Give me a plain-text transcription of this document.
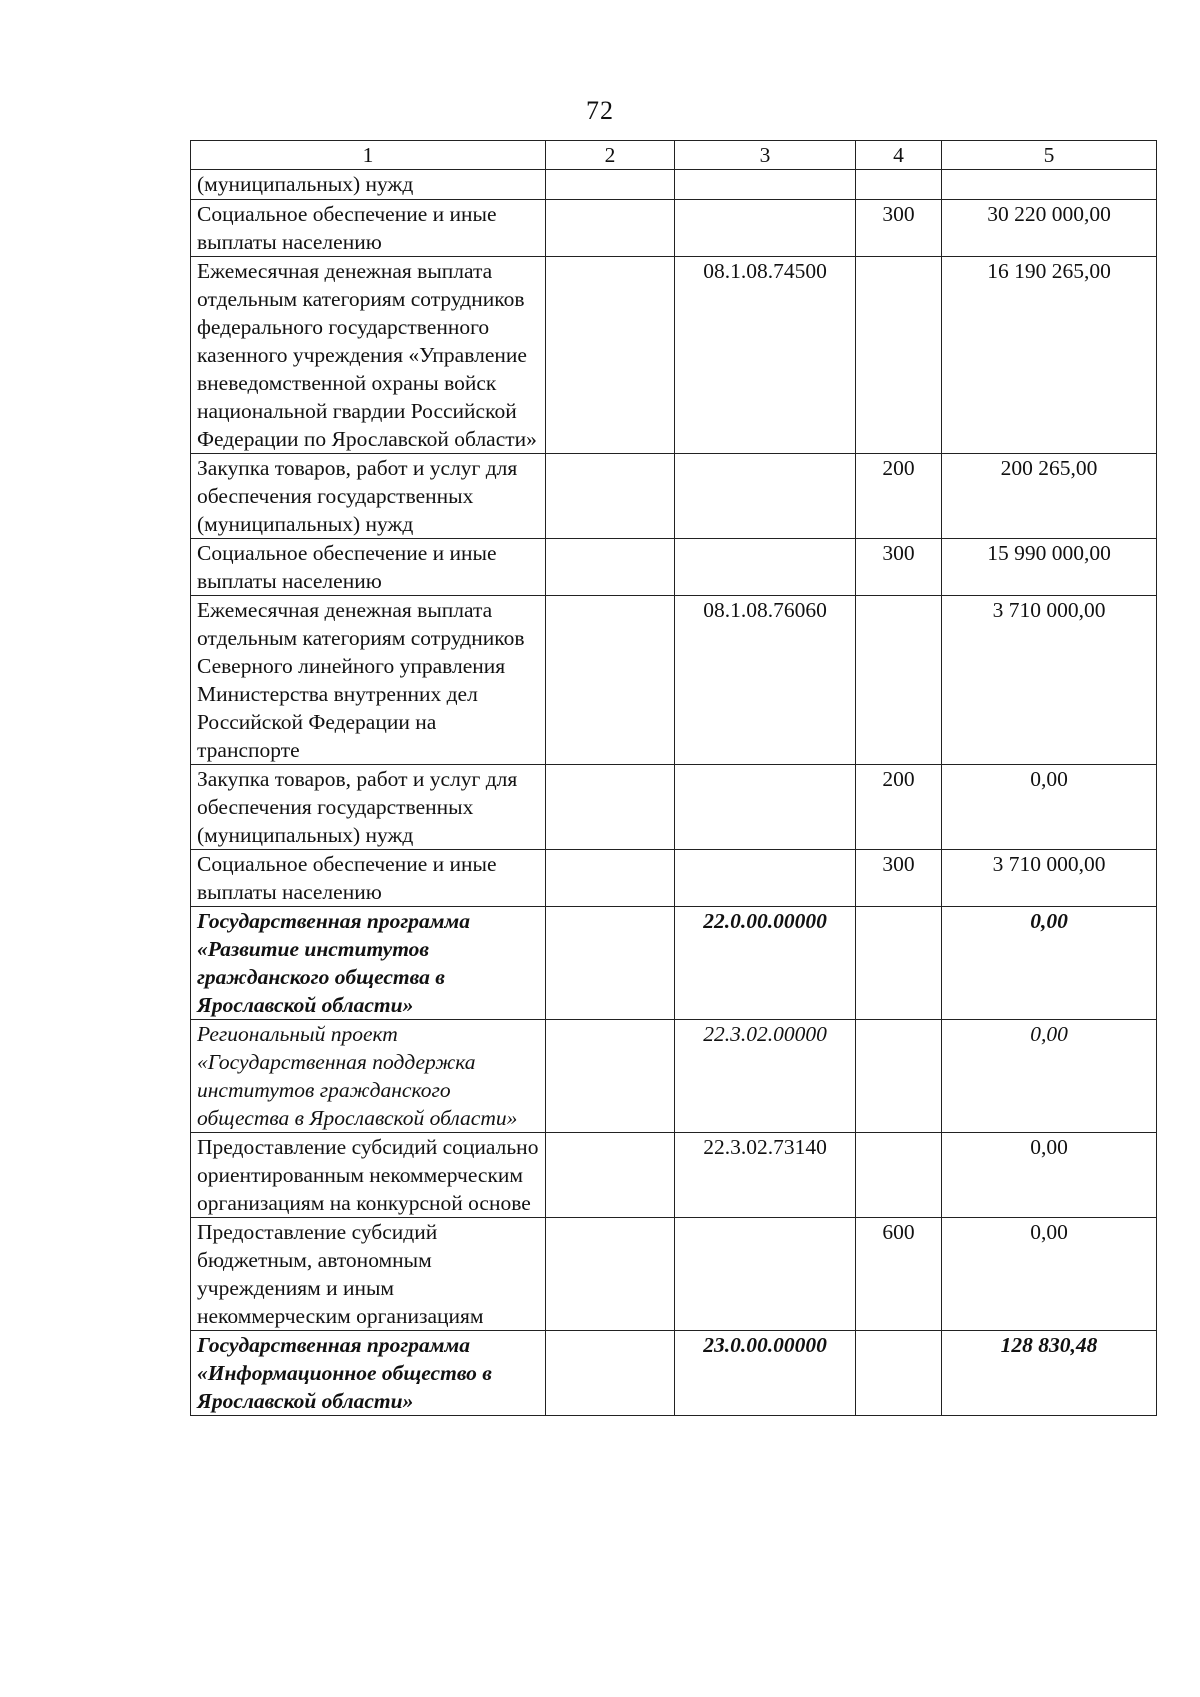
72
1	2	3	4	5
(муниципальных) нужд				
Социальное обеспечение и иные выплаты населению			300	30 220 000,00
Ежемесячная денежная выплата отдельным категориям сотрудников федерального государственного казенного учреждения «Управление вневедомственной охраны войск национальной гвардии Российской Федерации по Ярославской области»		08.1.08.74500		16 190 265,00
Закупка товаров, работ и услуг для обеспечения государственных (муниципальных) нужд			200	200 265,00
Социальное обеспечение и иные выплаты населению			300	15 990 000,00
Ежемесячная денежная выплата отдельным категориям сотрудников Северного линейного управления Министерства внутренних дел Российской Федерации на транспорте		08.1.08.76060		3 710 000,00
Закупка товаров, работ и услуг для обеспечения государственных (муниципальных) нужд			200	0,00
Социальное обеспечение и иные выплаты населению			300	3 710 000,00
Государственная программа «Развитие институтов гражданского общества в Ярославской области»		22.0.00.00000		0,00
Региональный проект «Государственная поддержка институтов гражданского общества в Ярославской области»		22.3.02.00000		0,00
Предоставление субсидий социально ориентированным некоммерческим организациям на конкурсной основе		22.3.02.73140		0,00
Предоставление субсидий бюджетным, автономным учреждениям и иным некоммерческим организациям			600	0,00
Государственная программа «Информационное общество в Ярославской области»		23.0.00.00000		128 830,48
